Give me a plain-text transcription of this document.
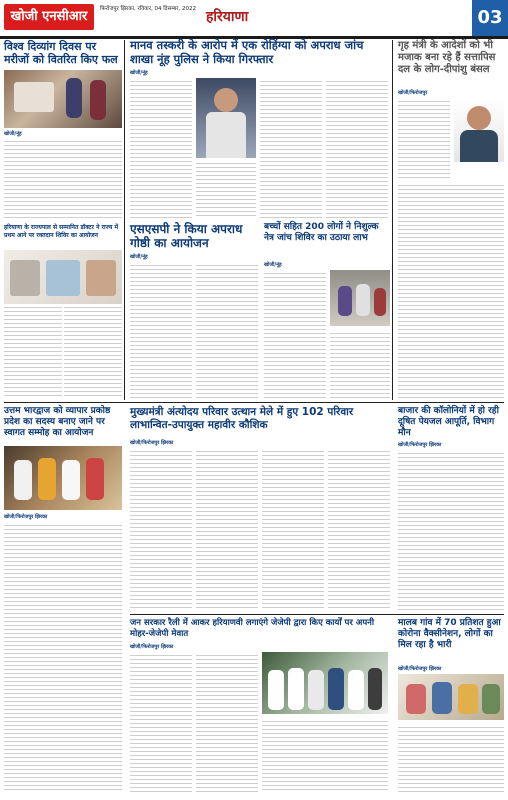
खोजी एनसीआर	फिरोजपुर झिरका, रविवार, 04 दिसम्बर, 2022 हरियाणा	03
विश्व दिव्यांग दिवस पर मरीजों को वितरित किए फल
खोजी/नूंह
हरियाणा के राज्यपाल से सम्मानित डॉक्टर ने राज्य में प्रथम आने पर रक्तदान शिविर का आयोजन
मानव तस्करी के आरोप में एक रोहिंग्या को अपराध जांच शाखा नूंह पुलिस ने किया गिरफ्तार
खोजी/नूंह
गृह मंत्री के आदेशों को भी मजाक बना रहे हैं सत्तापिस दल के लोग-दीपांशु बंसल
खोजी/फिरोजपुर
एसएसपी ने किया अपराध गोष्ठी का आयोजन
खोजी/नूंह
बच्चों सहित 200 लोगों ने निशुल्क नेत्र जांच शिविर का उठाया लाभ
खोजी/नूंह
मुख्यमंत्री अंत्योदय परिवार उत्थान मेले में हुए 102 परिवार लाभान्वित-उपायुक्त महावीर कौशिक
खोजी/फिरोजपुर झिरका
बाजार की कॉलोनियों में हो रही दूषित पेयजल आपूर्ति, विभाग मौन
खोजी/फिरोजपुर झिरका
उत्तम भारद्वाज को व्यापार प्रकोष्ठ प्रदेश का सदस्य बनाए जाने पर स्वागत सम्मोह का आयोजन
खोजी/फिरोजपुर झिरका
जन सरकार रैली में आकर हरियाणवी लगाएंगे जेजेपी द्वारा किए कार्यों पर अपनी मोहर-जेजेपी मेवात
खोजी/फिरोजपुर झिरका
मालब गांव में 70 प्रतिशत हुआ कोरोना वैक्सीनेशन, लोगों का मिल रहा है भारी
खोजी/फिरोजपुर झिरका
